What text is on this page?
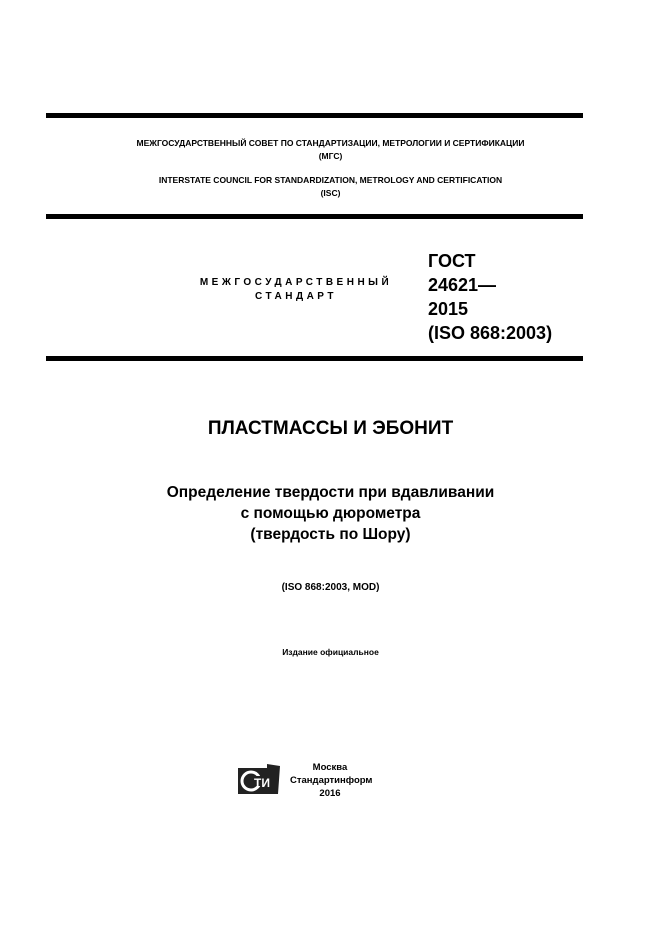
МЕЖГОСУДАРСТВЕННЫЙ СОВЕТ ПО СТАНДАРТИЗАЦИИ, МЕТРОЛОГИИ И СЕРТИФИКАЦИИ
(МГС)
INTERSTATE COUNCIL FOR STANDARDIZATION, METROLOGY AND CERTIFICATION
(ISC)
МЕЖГОСУДАРСТВЕННЫЙ
СТАНДАРТ
ГОСТ
24621—
2015
(ISO 868:2003)
ПЛАСТМАССЫ И ЭБОНИТ
Определение твердости при вдавливании
с помощью дюрометра
(твердость по Шору)
(ISO 868:2003, MOD)
Издание официальное
ТИ
Москва
Стандартинформ
2016
